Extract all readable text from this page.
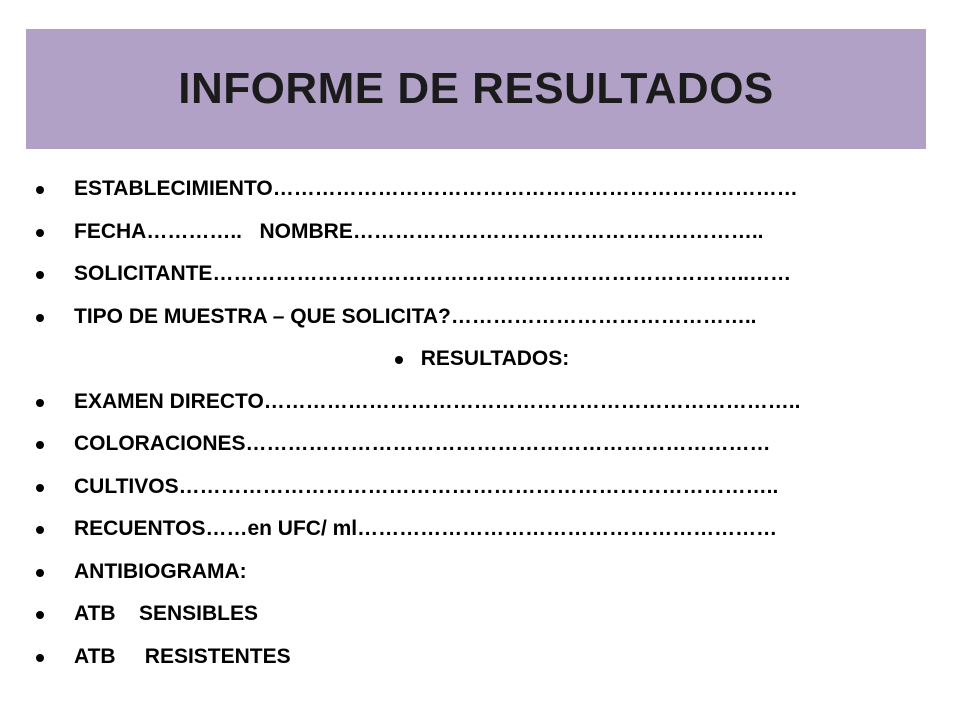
INFORME DE RESULTADOS
ESTABLECIMIENTO…………………………………………………………………
FECHA…………..   NOMBRE…………………………………………………..
SOLICITANTE…………………………………………………………………..……
TIPO DE MUESTRA – QUE SOLICITA?……………………………………..
RESULTADOS:
EXAMEN DIRECTO…………………………………………………………………..
COLORACIONES…………………………………………………………………
CULTIVOS…………………………………………………………………………..
RECUENTOS……en UFC/ ml……………………………………………………
ANTIBIOGRAMA:
ATB    SENSIBLES
ATB     RESISTENTES
